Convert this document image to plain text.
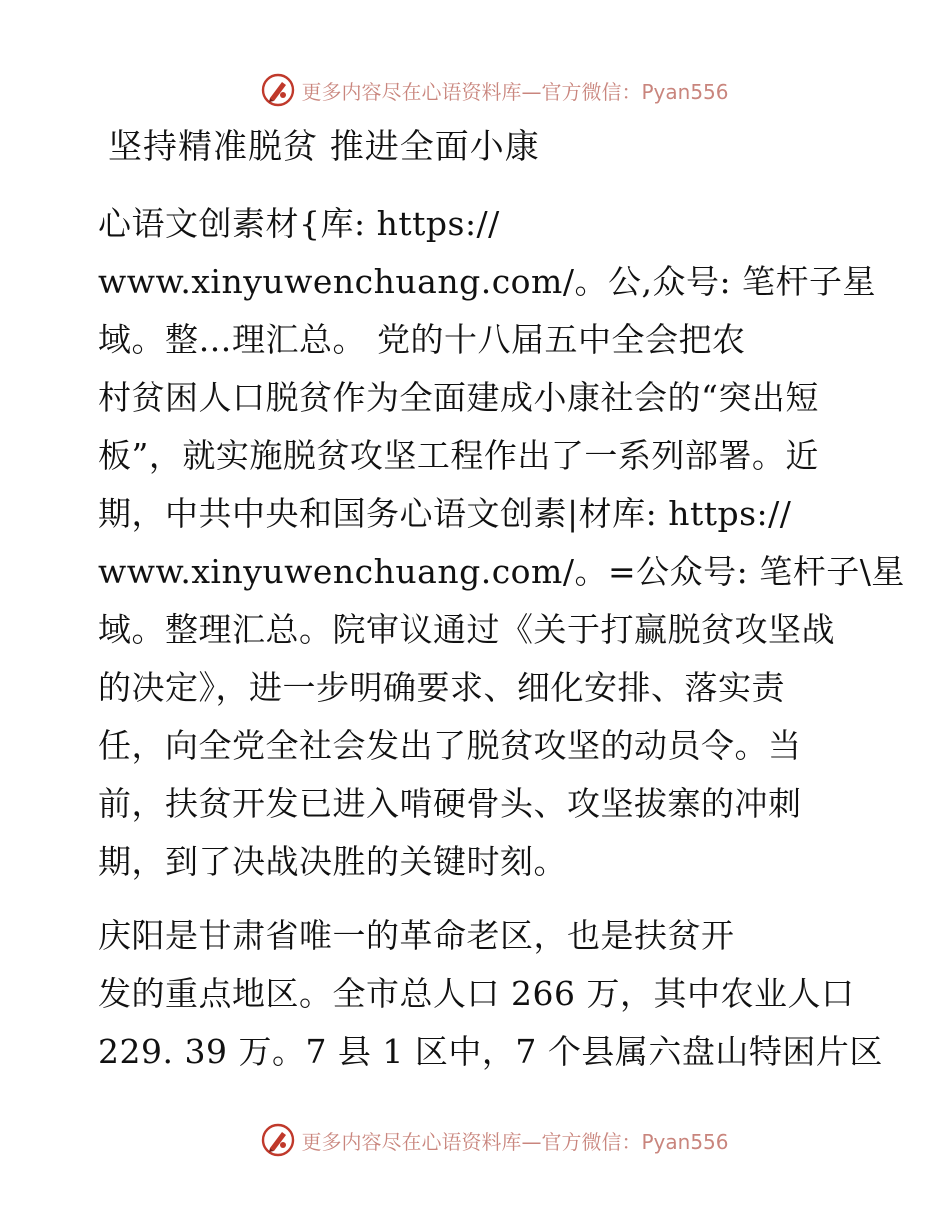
更多内容尽在心语资料库—官方微信：Pyan556
坚持精准脱贫 推进全面小康
心语文创素材{库: https://
www.xinyuwenchuang.com/。公,众号: 笔杆子星
域。整…理汇总。 党的十八届五中全会把农
村贫困人口脱贫作为全面建成小康社会的“突出短
板”，就实施脱贫攻坚工程作出了一系列部署。近
期，中共中央和国务心语文创素|材库: https://
www.xinyuwenchuang.com/。=公众号: 笔杆子\星
域。整理汇总。院审议通过《关于打赢脱贫攻坚战
的决定》，进一步明确要求、细化安排、落实责
任，向全党全社会发出了脱贫攻坚的动员令。当
前，扶贫开发已进入啃硬骨头、攻坚拔寨的冲刺
期，到了决战决胜的关键时刻。
庆阳是甘肃省唯一的革命老区，也是扶贫开
发的重点地区。全市总人口 266 万，其中农业人口
229. 39 万。7 县 1 区中，7 个县属六盘山特困片区
更多内容尽在心语资料库—官方微信：Pyan556
